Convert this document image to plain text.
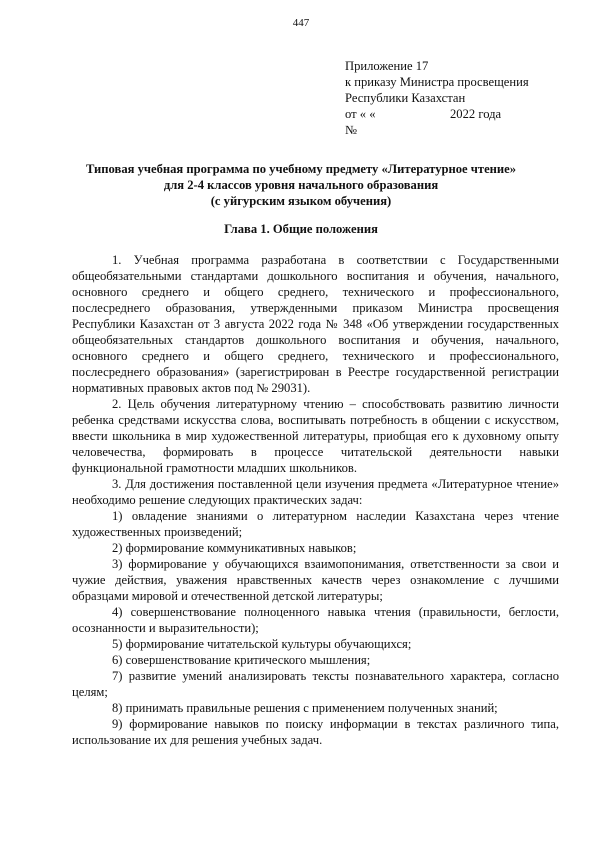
447
Приложение 17
к приказу Министра просвещения
Республики Казахстан
от « «	2022 года
№
Типовая учебная программа по учебному предмету «Литературное чтение»
для 2-4 классов уровня начального образования
(с уйгурским языком обучения)
Глава 1. Общие положения

1. Учебная программа разработана в соответствии с Государственными общеобязательными стандартами дошкольного воспитания и обучения, начального, основного среднего и общего среднего, технического и профессионального, послесреднего образования, утвержденными приказом Министра просвещения Республики Казахстан от 3 августа 2022 года № 348 «Об утверждении государственных общеобязательных стандартов дошкольного воспитания и обучения, начального, основного среднего и общего среднего, технического и профессионального, послесреднего образования» (зарегистрирован в Реестре государственной регистрации нормативных правовых актов под № 29031).

2. Цель обучения литературному чтению – способствовать развитию личности ребенка средствами искусства слова, воспитывать потребность в общении с искусством, ввести школьника в мир художественной литературы, приобщая его к духовному опыту человечества, формировать в процессе читательской деятельности навыки функциональной грамотности младших школьников.

3. Для достижения поставленной цели изучения предмета «Литературное чтение» необходимо решение следующих практических задач:

1) овладение знаниями о литературном наследии Казахстана через чтение художественных произведений;

2) формирование коммуникативных навыков;

3) формирование у обучающихся взаимопонимания, ответственности за свои и чужие действия, уважения нравственных качеств через ознакомление с лучшими образцами мировой и отечественной детской литературы;

4) совершенствование полноценного навыка чтения (правильности, беглости, осознанности и выразительности);

5) формирование читательской культуры обучающихся;

6) совершенствование критического мышления;

7) развитие умений анализировать тексты познавательного характера, согласно целям;

8) принимать правильные решения с применением полученных знаний;

9) формирование навыков по поиску информации в текстах различного типа, использование их для решения учебных задач.
